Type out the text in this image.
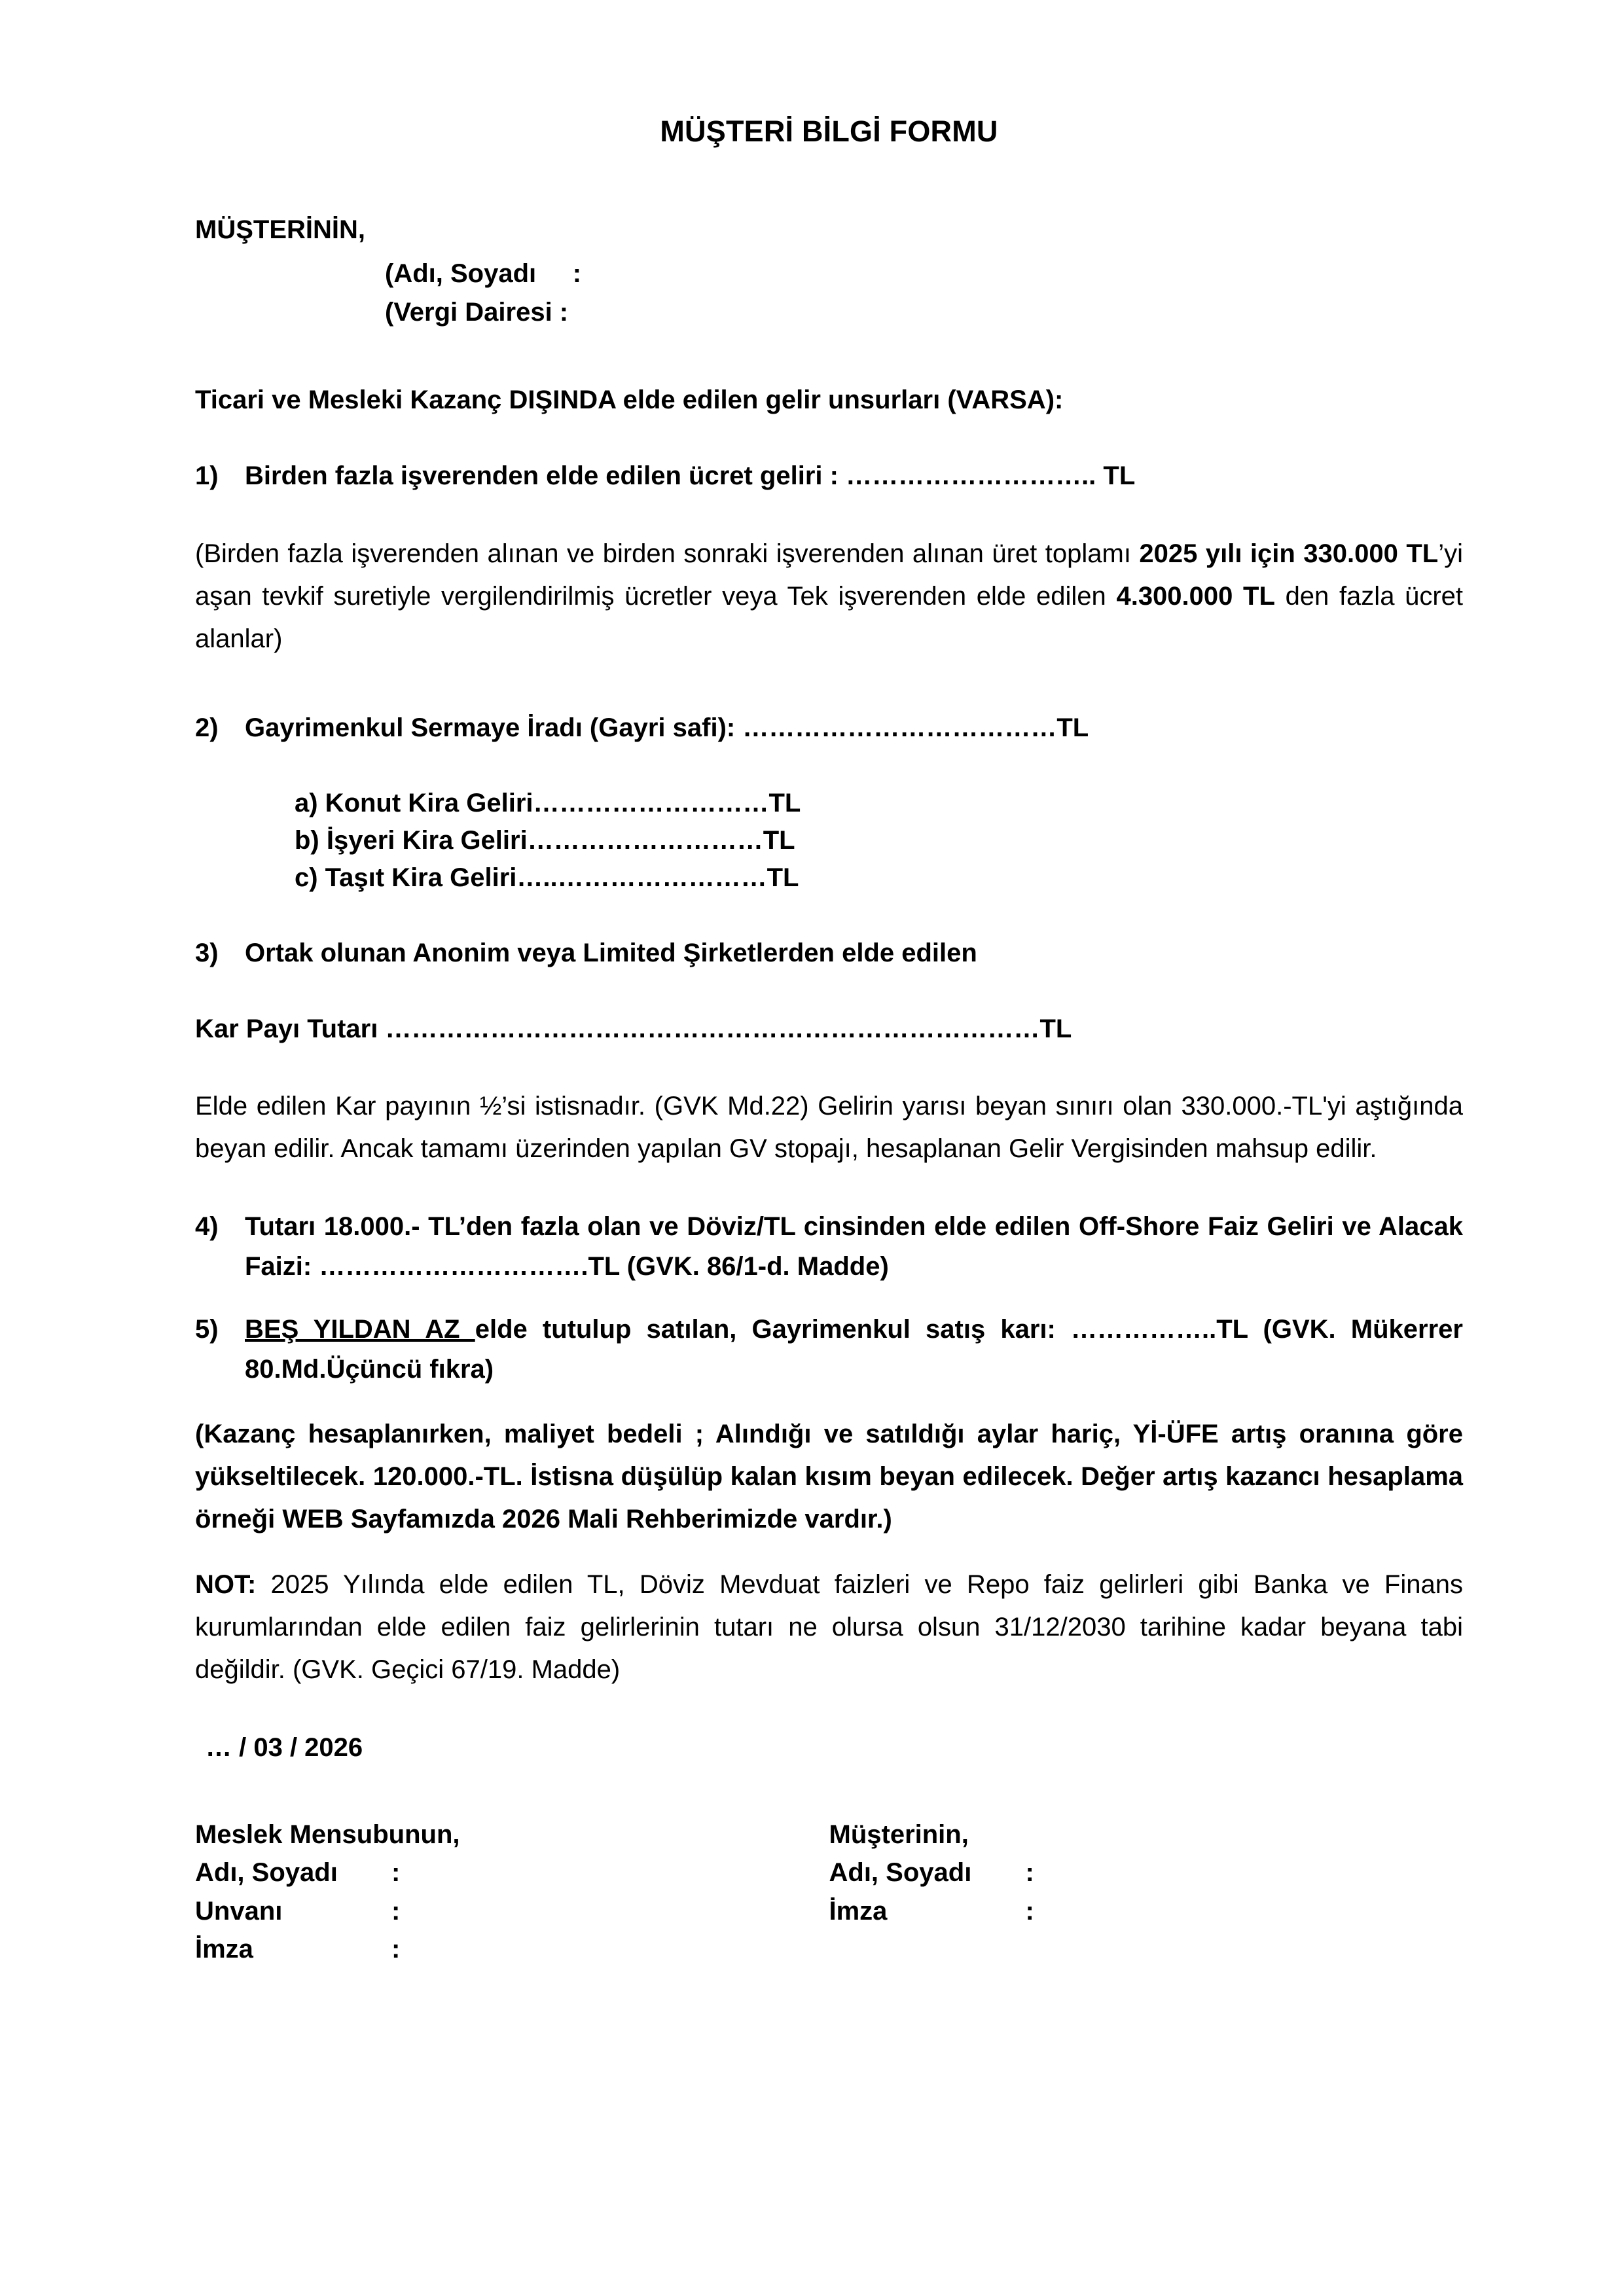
MÜŞTERİ BİLGİ FORMU
MÜŞTERİNİN,
(Adı, Soyadı     :
(Vergi Dairesi :
Ticari ve Mesleki Kazanç DIŞINDA elde edilen gelir unsurları (VARSA):
1) Birden fazla işverenden elde edilen ücret geliri : ……………………….. TL

(Birden fazla işverenden alınan ve birden sonraki işverenden alınan üret toplamı 2025 yılı için 330.000 TL’yi aşan tevkif suretiyle vergilendirilmiş ücretler veya Tek işverenden elde edilen 4.300.000 TL den fazla ücret alanlar)

2) Gayrimenkul Sermaye İradı (Gayri safi): ………………………………TL
a) Konut Kira Geliri………………………TL
b) İşyeri Kira Geliri………………………TL
c) Taşıt Kira Geliri…..……………………TL
3) Ortak olunan Anonim veya Limited Şirketlerden elde edilen
Kar Payı Tutarı …………………………………………………………………TL

Elde edilen Kar payının ½’si istisnadır. (GVK Md.22) Gelirin yarısı beyan sınırı olan 330.000.-TL'yi aştığında beyan edilir. Ancak tamamı üzerinden yapılan GV stopajı, hesaplanan Gelir Vergisinden mahsup edilir.

4) Tutarı 18.000.- TL’den fazla olan ve Döviz/TL cinsinden elde edilen Off-Shore Faiz Geliri ve Alacak Faizi: ………………………….TL (GVK. 86/1-d. Madde)
5) BEŞ YILDAN AZ elde tutulup satılan, Gayrimenkul satış karı: ……………..TL (GVK. Mükerrer 80.Md.Üçüncü fıkra)

(Kazanç hesaplanırken, maliyet bedeli ; Alındığı ve satıldığı aylar hariç, Yİ-ÜFE artış oranına göre yükseltilecek. 120.000.-TL. İstisna düşülüp kalan kısım beyan edilecek. Değer artış kazancı hesaplama örneği WEB Sayfamızda 2026 Mali Rehberimizde vardır.)

NOT: 2025 Yılında elde edilen TL, Döviz Mevduat faizleri ve Repo faiz gelirleri gibi Banka ve Finans kurumlarından elde edilen faiz gelirlerinin tutarı ne olursa olsun 31/12/2030 tarihine kadar beyana tabi değildir. (GVK. Geçici 67/19. Madde)

… / 03 / 2026
Meslek Mensubunun,
Adı, Soyadı :
Unvanı	:
İmza	:
Müşterinin,
Adı, Soyadı :
İmza	:
